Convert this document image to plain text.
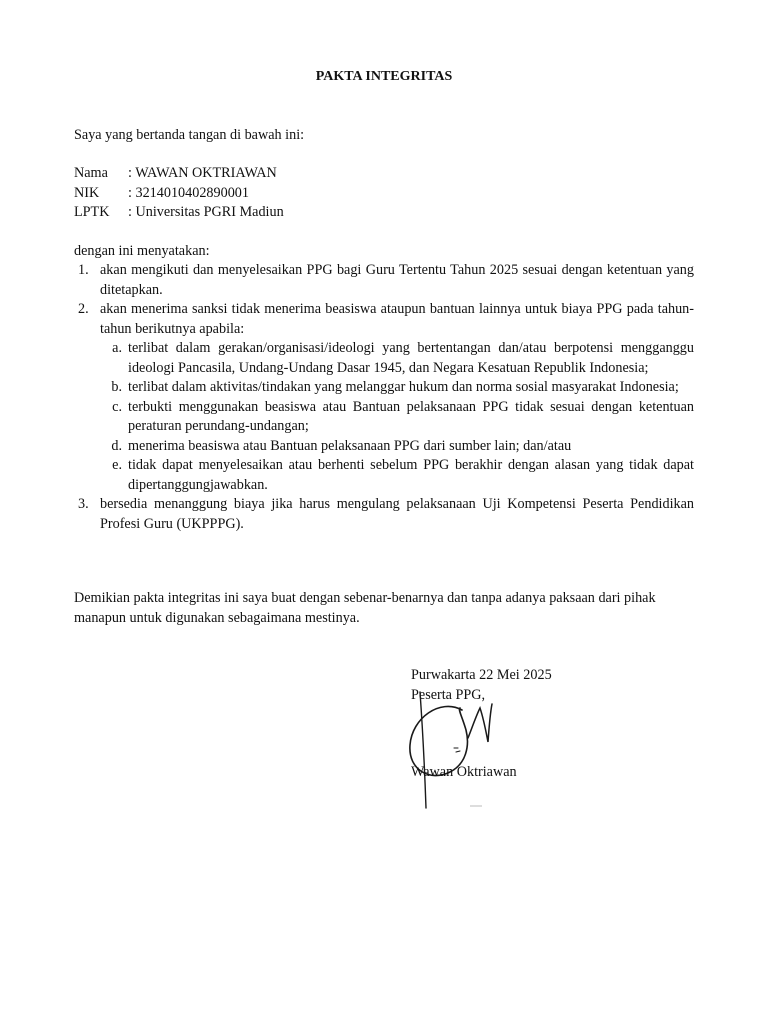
PAKTA INTEGRITAS
Saya yang bertanda tangan di bawah ini:
Nama	: WAWAN OKTRIAWAN
NIK	: 3214010402890001
LPTK	: Universitas PGRI Madiun
dengan ini menyatakan:
1. akan mengikuti dan menyelesaikan PPG bagi Guru Tertentu Tahun 2025 sesuai dengan ketentuan yang ditetapkan.
2. akan menerima sanksi tidak menerima beasiswa ataupun bantuan lainnya untuk biaya PPG pada tahun- tahun berikutnya apabila:
a. terlibat dalam gerakan/organisasi/ideologi yang bertentangan dan/atau berpotensi mengganggu ideologi Pancasila, Undang-Undang Dasar 1945, dan Negara Kesatuan Republik Indonesia;
b. terlibat dalam aktivitas/tindakan yang melanggar hukum dan norma sosial masyarakat Indonesia;
c. terbukti menggunakan beasiswa atau Bantuan pelaksanaan PPG tidak sesuai dengan ketentuan peraturan perundang-undangan;
d. menerima beasiswa atau Bantuan pelaksanaan PPG dari sumber lain; dan/atau
e. tidak dapat menyelesaikan atau berhenti sebelum PPG berakhir dengan alasan yang tidak dapat dipertanggungjawabkan.
3. bersedia menanggung biaya jika harus mengulang pelaksanaan Uji Kompetensi Peserta Pendidikan Profesi Guru (UKPPPG).
Demikian pakta integritas ini saya buat dengan sebenar-benarnya dan tanpa adanya paksaan dari pihak manapun untuk digunakan sebagaimana mestinya.
Purwakarta 22 Mei 2025
Peserta PPG,
Wawan Oktriawan
